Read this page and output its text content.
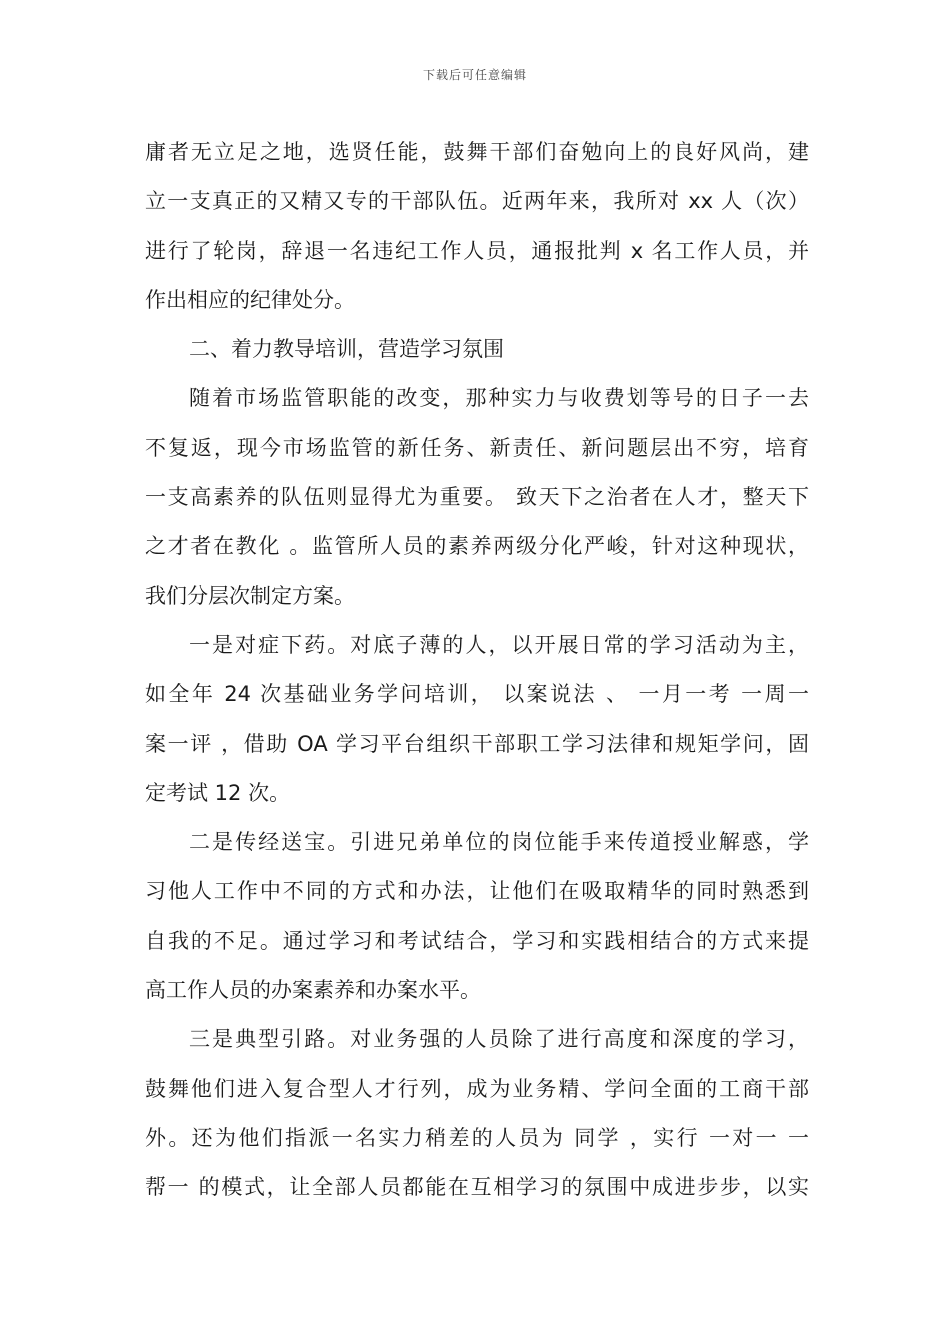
下载后可任意编辑
庸者无立足之地，选贤任能，鼓舞干部们奋勉向上的良好风尚，建
立一支真正的又精又专的干部队伍。近两年来，我所对 xx 人（次）
进行了轮岗，辞退一名违纪工作人员，通报批判 x 名工作人员，并
作出相应的纪律处分。
二、着力教导培训，营造学习氛围
随着市场监管职能的改变，那种实力与收费划等号的日子一去
不复返，现今市场监管的新任务、新责任、新问题层出不穷，培育
一支高素养的队伍则显得尤为重要。 致天下之治者在人才，整天下
之才者在教化 。监管所人员的素养两级分化严峻，针对这种现状，
我们分层次制定方案。
一是对症下药。对底子薄的人，以开展日常的学习活动为主，
如全年 24 次基础业务学问培训， 以案说法 、 一月一考 一周一
案一评 ，借助 OA 学习平台组织干部职工学习法律和规矩学问，固
定考试 12 次。
二是传经送宝。引进兄弟单位的岗位能手来传道授业解惑，学
习他人工作中不同的方式和办法，让他们在吸取精华的同时熟悉到
自我的不足。通过学习和考试结合，学习和实践相结合的方式来提
高工作人员的办案素养和办案水平。
三是典型引路。对业务强的人员除了进行高度和深度的学习，
鼓舞他们进入复合型人才行列，成为业务精、学问全面的工商干部
外。还为他们指派一名实力稍差的人员为 同学 ，实行 一对一 一
帮一 的模式，让全部人员都能在互相学习的氛围中成进步步，以实
